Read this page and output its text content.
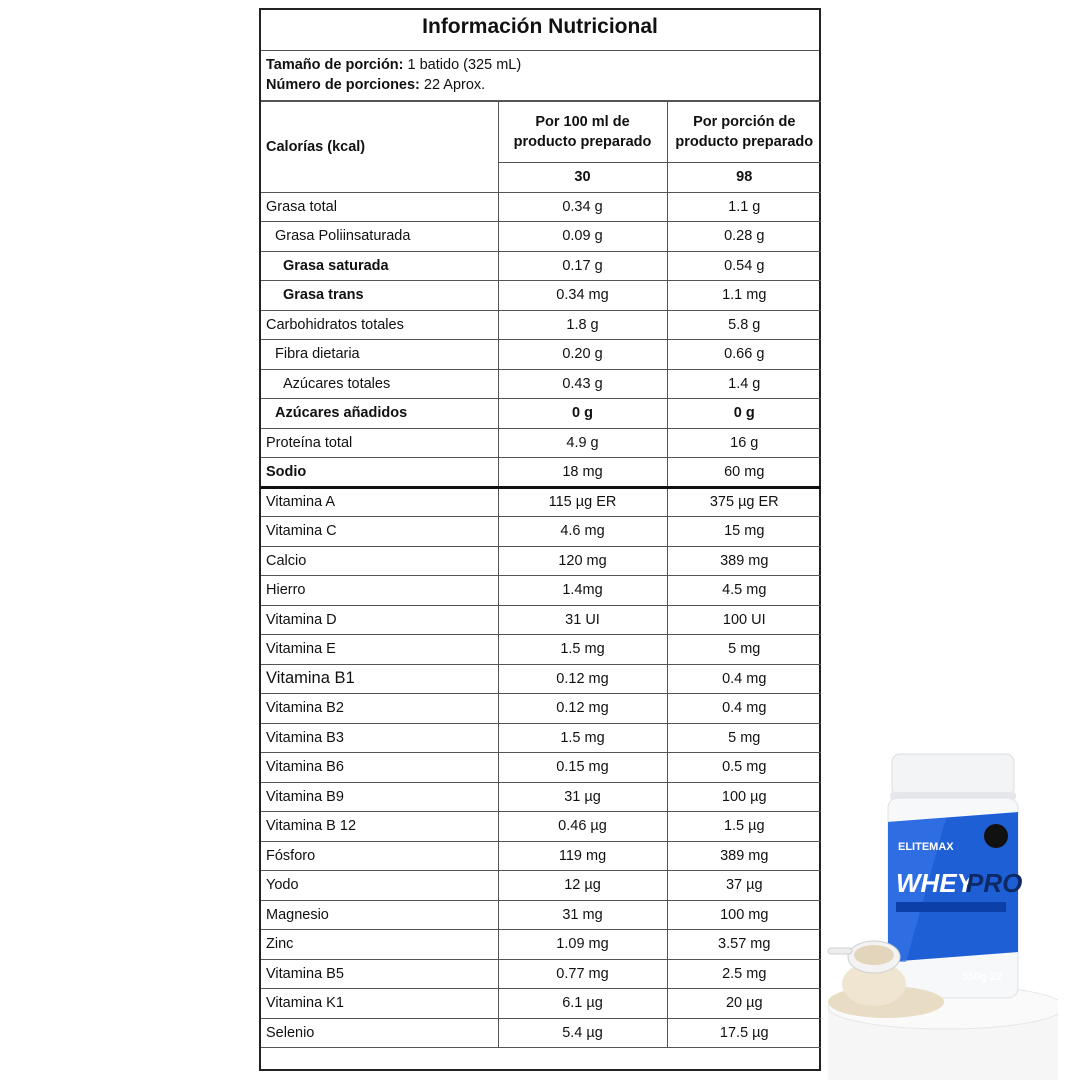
Información Nutricional
Tamaño de porción: 1 batido (325 mL)
Número de porciones: 22 Aprox.
Calorías (kcal)	Por 100 ml de producto preparado	Por porción de producto preparado
	30	98
Grasa total	0.34 g	1.1 g
Grasa Poliinsaturada	0.09 g	0.28 g
Grasa saturada	0.17 g	0.54 g
Grasa trans	0.34 mg	1.1 mg
Carbohidratos totales	1.8 g	5.8 g
Fibra dietaria	0.20 g	0.66 g
Azúcares totales	0.43 g	1.4 g
Azúcares añadidos	0 g	0 g
Proteína total	4.9 g	16 g
Sodio	18 mg	60 mg
Vitamina A	115 µg ER	375 µg ER
Vitamina C	4.6 mg	15 mg
Calcio	120 mg	389 mg
Hierro	1.4mg	4.5 mg
Vitamina D	31 UI	100 UI
Vitamina E	1.5 mg	5 mg
Vitamina B1	0.12 mg	0.4 mg
Vitamina B2	0.12 mg	0.4 mg
Vitamina B3	1.5 mg	5 mg
Vitamina B6	0.15 mg	0.5 mg
Vitamina B9	31 µg	100 µg
Vitamina B 12	0.46 µg	1.5 µg
Fósforo	119 mg	389 mg
Yodo	12 µg	37 µg
Magnesio	31 mg	100 mg
Zinc	1.09 mg	3.57 mg
Vitamina B5	0.77 mg	2.5 mg
Vitamina K1	6.1 µg	20 µg
Selenio	5.4 µg	17.5 µg
ELITEMAX
WHEY
PRO
550g 22
